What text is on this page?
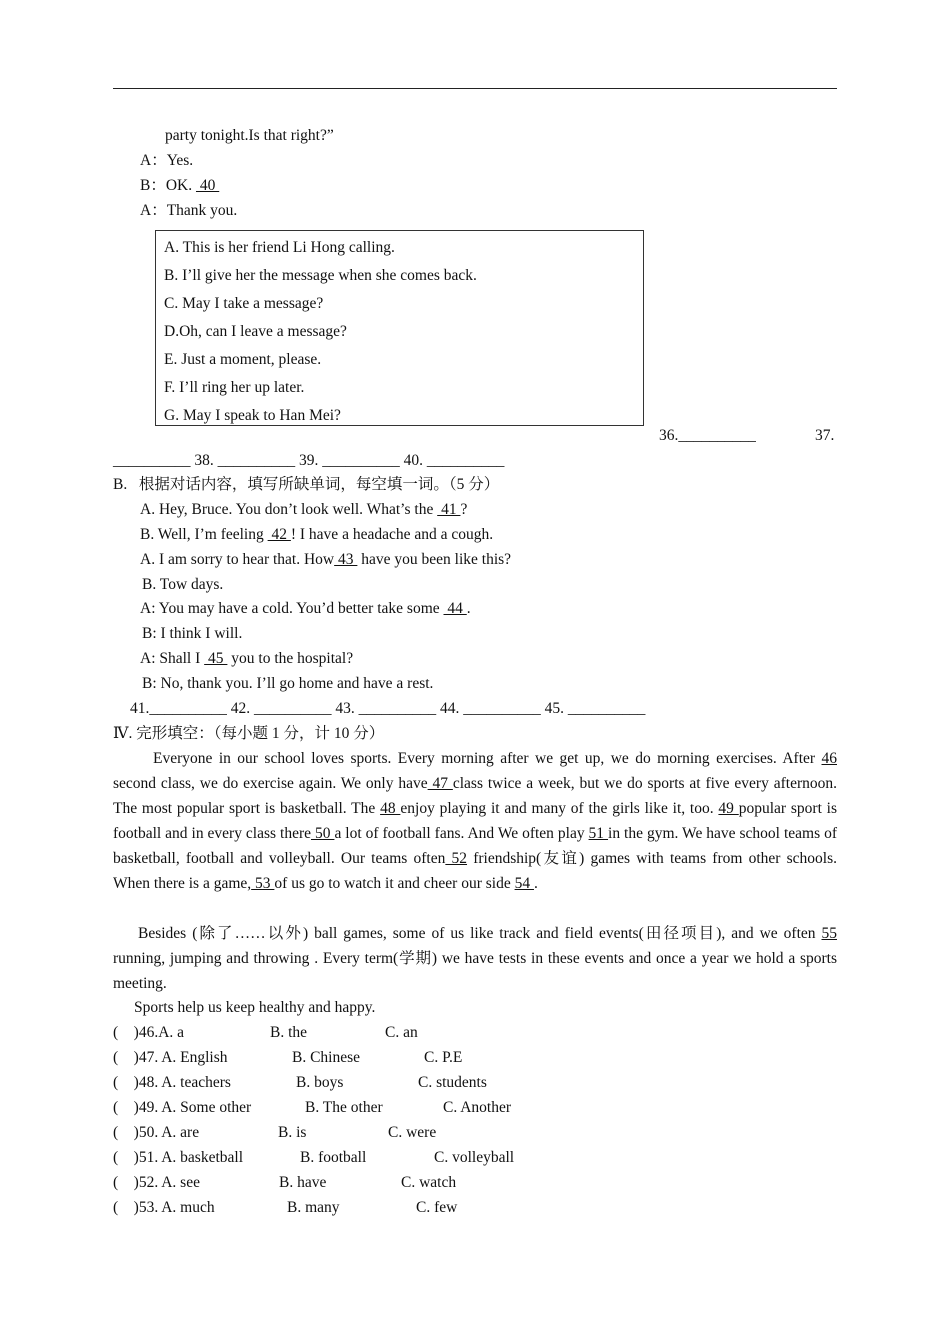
party tonight.Is that right?”
A：Yes.
B：OK.  40
A：Thank you.
A. This is her friend Li Hong calling.
B. I’ll give her the message when she comes back.
C. May I take a message?
D.Oh, can I leave a message?
E. Just a moment, please.
F. I’ll ring her up later.
G. May I speak to Han Mei?
36.__________	37.
__________ 38. __________ 39. __________ 40. __________
B.   根据对话内容，填写所缺单词，每空填一词。（5 分）
A. Hey, Bruce. You don’t look well. What’s the  41 ?
B. Well, I’m feeling  42 ! I have a headache and a cough.
A. I am sorry to hear that. How 43  have you been like this?
B. Tow days.
A: You may have a cold. You’d better take some  44 .
B: I think I will.
A: Shall I  45  you to the hospital?
B: No, thank you. I’ll go home and have a rest.
41.__________ 42. __________ 43. __________ 44. __________ 45. __________
Ⅳ. 完形填空：（每小题 1 分，计 10 分）
Everyone in our school loves sports. Every morning after we get up, we do morning exercises. After 46 second class, we do exercise again. We only have 47 class twice a week, but we do sports at five every afternoon. The most popular sport is basketball. The 48 enjoy playing it and many of the girls like it, too. 49 popular sport is football and in every class there 50 a lot of football fans. And We often play 51 in the gym. We have school teams of basketball, football and volleyball. Our teams often 52 friendship(友谊) games with teams from other schools. When there is a game, 53 of us go to watch it and cheer our side 54 .
Besides (除了……以外) ball games, some of us like track and field events(田径项目), and we often 55 running, jumping and throwing . Every term(学期) we have tests in these events and once a year we hold a sports meeting.
Sports help us keep healthy and happy.
(    )46.A. a	B. the	C. an
(    )47. A. English	B. Chinese	C. P.E
(    )48. A. teachers	B. boys	C. students
(    )49. A. Some other	B. The other	C. Another
(    )50. A. are	B. is	C. were
(    )51. A. basketball	B. football	C. volleyball
(    )52. A. see	B. have	C. watch
(    )53. A. much	B. many	C. few
